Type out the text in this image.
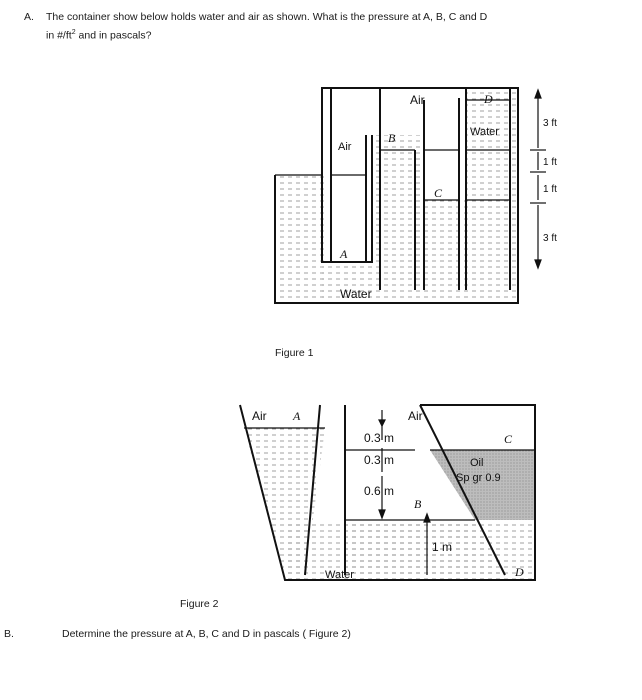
A. The container show below holds water and air as shown. What is the pressure at A, B, C and D
in $\#/ft^2$ and in pascals?
Air
Air
Water
Water
A
B
C
D
3 ft
1 ft
1 ft
3 ft
Figure 1
Air A	Air
0.3 m
0.3 m
0.6 m
B
C
Oil
Sp gr 0.9
1 m
Water	D
Figure 2
B.	Determine the pressure at A, B, C and D in pascals ( Figure 2)
